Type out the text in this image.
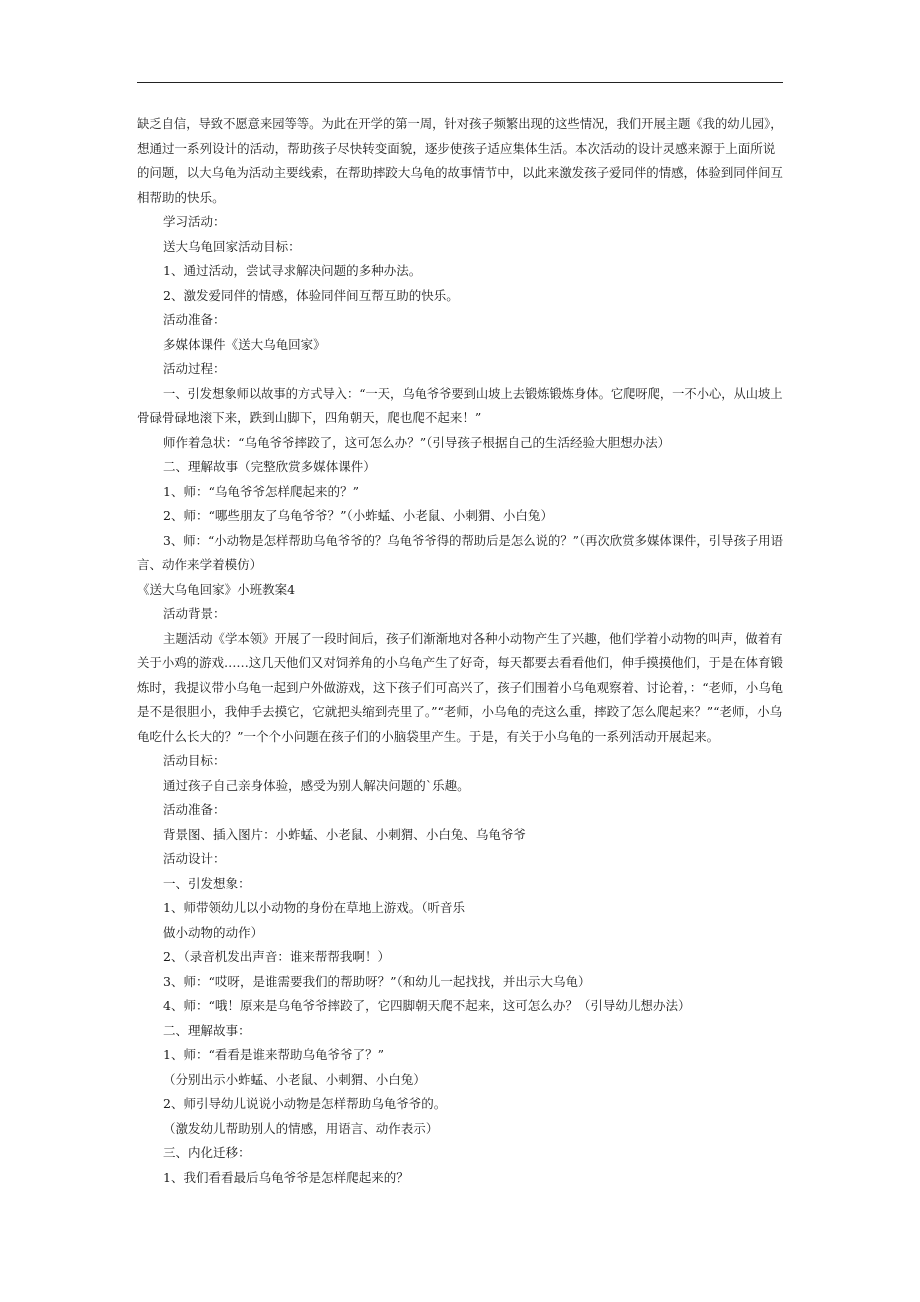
缺乏自信，导致不愿意来园等等。为此在开学的第一周，针对孩子频繁出现的这些情况，我们开展主题《我的幼儿园》，

想通过一系列设计的活动，帮助孩子尽快转变面貌，逐步使孩子适应集体生活。本次活动的设计灵感来源于上面所说

的问题，以大乌龟为活动主要线索，在帮助摔跤大乌龟的故事情节中，以此来激发孩子爱同伴的情感，体验到同伴间互

相帮助的快乐。

学习活动：

送大乌龟回家活动目标：

1、通过活动，尝试寻求解决问题的多种办法。

2、激发爱同伴的情感，体验同伴间互帮互助的快乐。

活动准备：

多媒体课件《送大乌龟回家》

活动过程：

一、引发想象师以故事的方式导入：“一天，乌龟爷爷要到山坡上去锻炼锻炼身体。它爬呀爬，一不小心，从山坡上

骨碌骨碌地滚下来，跌到山脚下，四角朝天，爬也爬不起来！”

师作着急状：“乌龟爷爷摔跤了，这可怎么办？”（引导孩子根据自己的生活经验大胆想办法）

二、理解故事（完整欣赏多媒体课件）

1、师：“乌龟爷爷怎样爬起来的？”

2、师：“哪些朋友了乌龟爷爷？”（小蚱蜢、小老鼠、小刺猬、小白兔）

3、师：“小动物是怎样帮助乌龟爷爷的？乌龟爷爷得的帮助后是怎么说的？”（再次欣赏多媒体课件，引导孩子用语

言、动作来学着模仿）

《送大乌龟回家》小班教案4

活动背景：

主题活动《学本领》开展了一段时间后，孩子们渐渐地对各种小动物产生了兴趣，他们学着小动物的叫声，做着有

关于小鸡的游戏……这几天他们又对饲养角的小乌龟产生了好奇，每天都要去看看他们，伸手摸摸他们，于是在体育锻

炼时，我提议带小乌龟一起到户外做游戏，这下孩子们可高兴了，孩子们围着小乌龟观察着、讨论着，：“老师，小乌龟

是不是很胆小，我伸手去摸它，它就把头缩到壳里了。”“老师，小乌龟的壳这么重，摔跤了怎么爬起来？”“老师，小乌

龟吃什么长大的？”一个个小问题在孩子们的小脑袋里产生。于是，有关于小乌龟的一系列活动开展起来。

活动目标：

通过孩子自己亲身体验，感受为别人解决问题的`乐趣。

活动准备：

背景图、插入图片：小蚱蜢、小老鼠、小刺猬、小白兔、乌龟爷爷

活动设计：

一、引发想象：

1、师带领幼儿以小动物的身份在草地上游戏。（听音乐

做小动物的动作）

2、（录音机发出声音：谁来帮帮我啊！）

3、师：“哎呀，是谁需要我们的帮助呀？”（和幼儿一起找找，并出示大乌龟）

4、师：“哦！原来是乌龟爷爷摔跤了，它四脚朝天爬不起来，这可怎么办？（引导幼儿想办法）

二、理解故事：

1、师：“看看是谁来帮助乌龟爷爷了？”

（分别出示小蚱蜢、小老鼠、小刺猬、小白兔）

2、师引导幼儿说说小动物是怎样帮助乌龟爷爷的。

（激发幼儿帮助别人的情感，用语言、动作表示）

三、内化迁移：

1、我们看看最后乌龟爷爷是怎样爬起来的？
